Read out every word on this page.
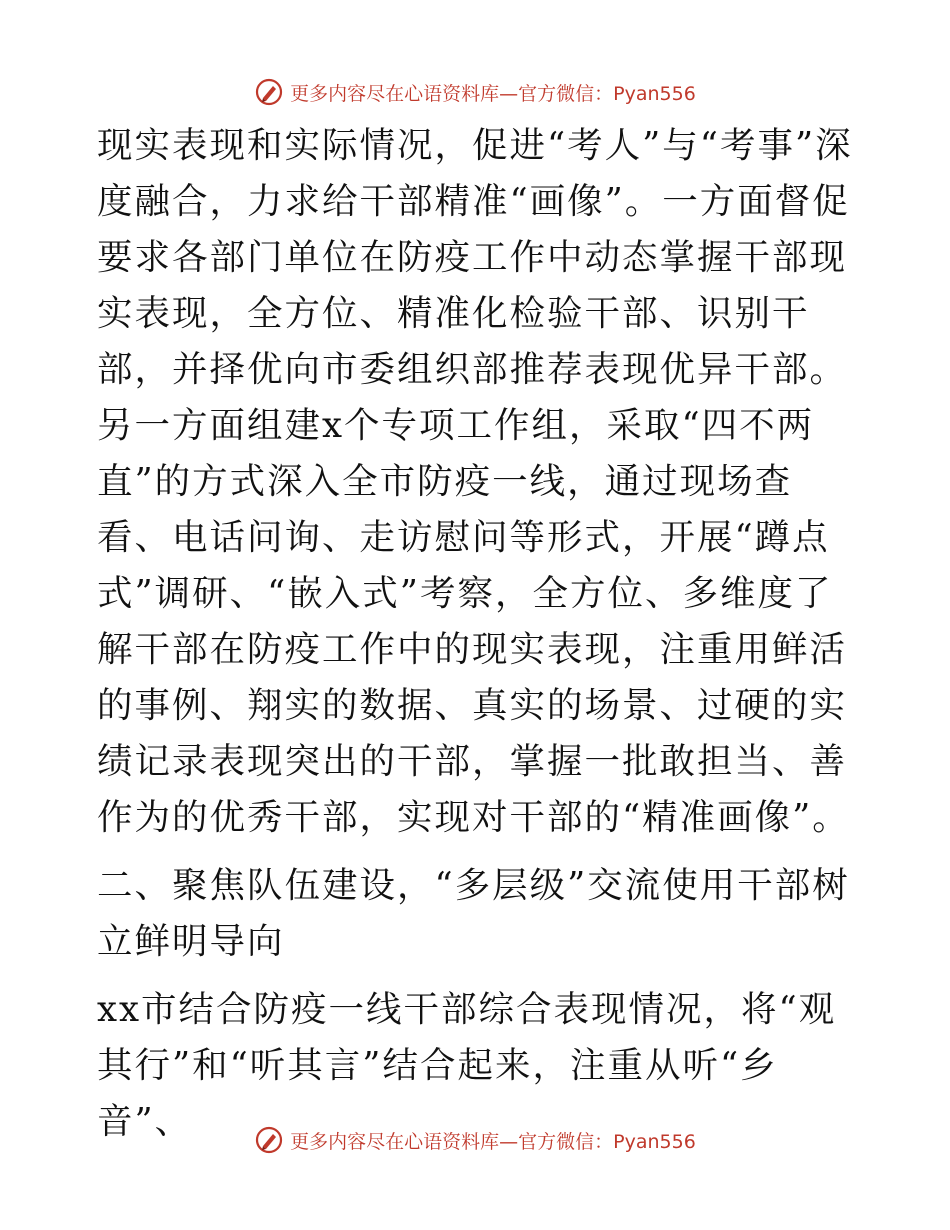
更多内容尽在心语资料库—官方微信：Pyan556

现实表现和实际情况，促进“考人”与“考事”深度融合，力求给干部精准“画像”。一方面督促要求各部门单位在防疫工作中动态掌握干部现实表现，全方位、精准化检验干部、识别干部，并择优向市委组织部推荐表现优异干部。另一方面组建x个专项工作组，采取“四不两直”的方式深入全市防疫一线，通过现场查看、电话问询、走访慰问等形式，开展“蹲点式”调研、“嵌入式”考察，全方位、多维度了解干部在防疫工作中的现实表现，注重用鲜活的事例、翔实的数据、真实的场景、过硬的实绩记录表现突出的干部，掌握一批敢担当、善作为的优秀干部，实现对干部的“精准画像”。

二、聚焦队伍建设，“多层级”交流使用干部树立鲜明导向

xx市结合防疫一线干部综合表现情况，将“观其行”和“听其言”结合起来，注重从听“乡音”、	更多内容尽在心语资料库—官方微信：Pyan556
